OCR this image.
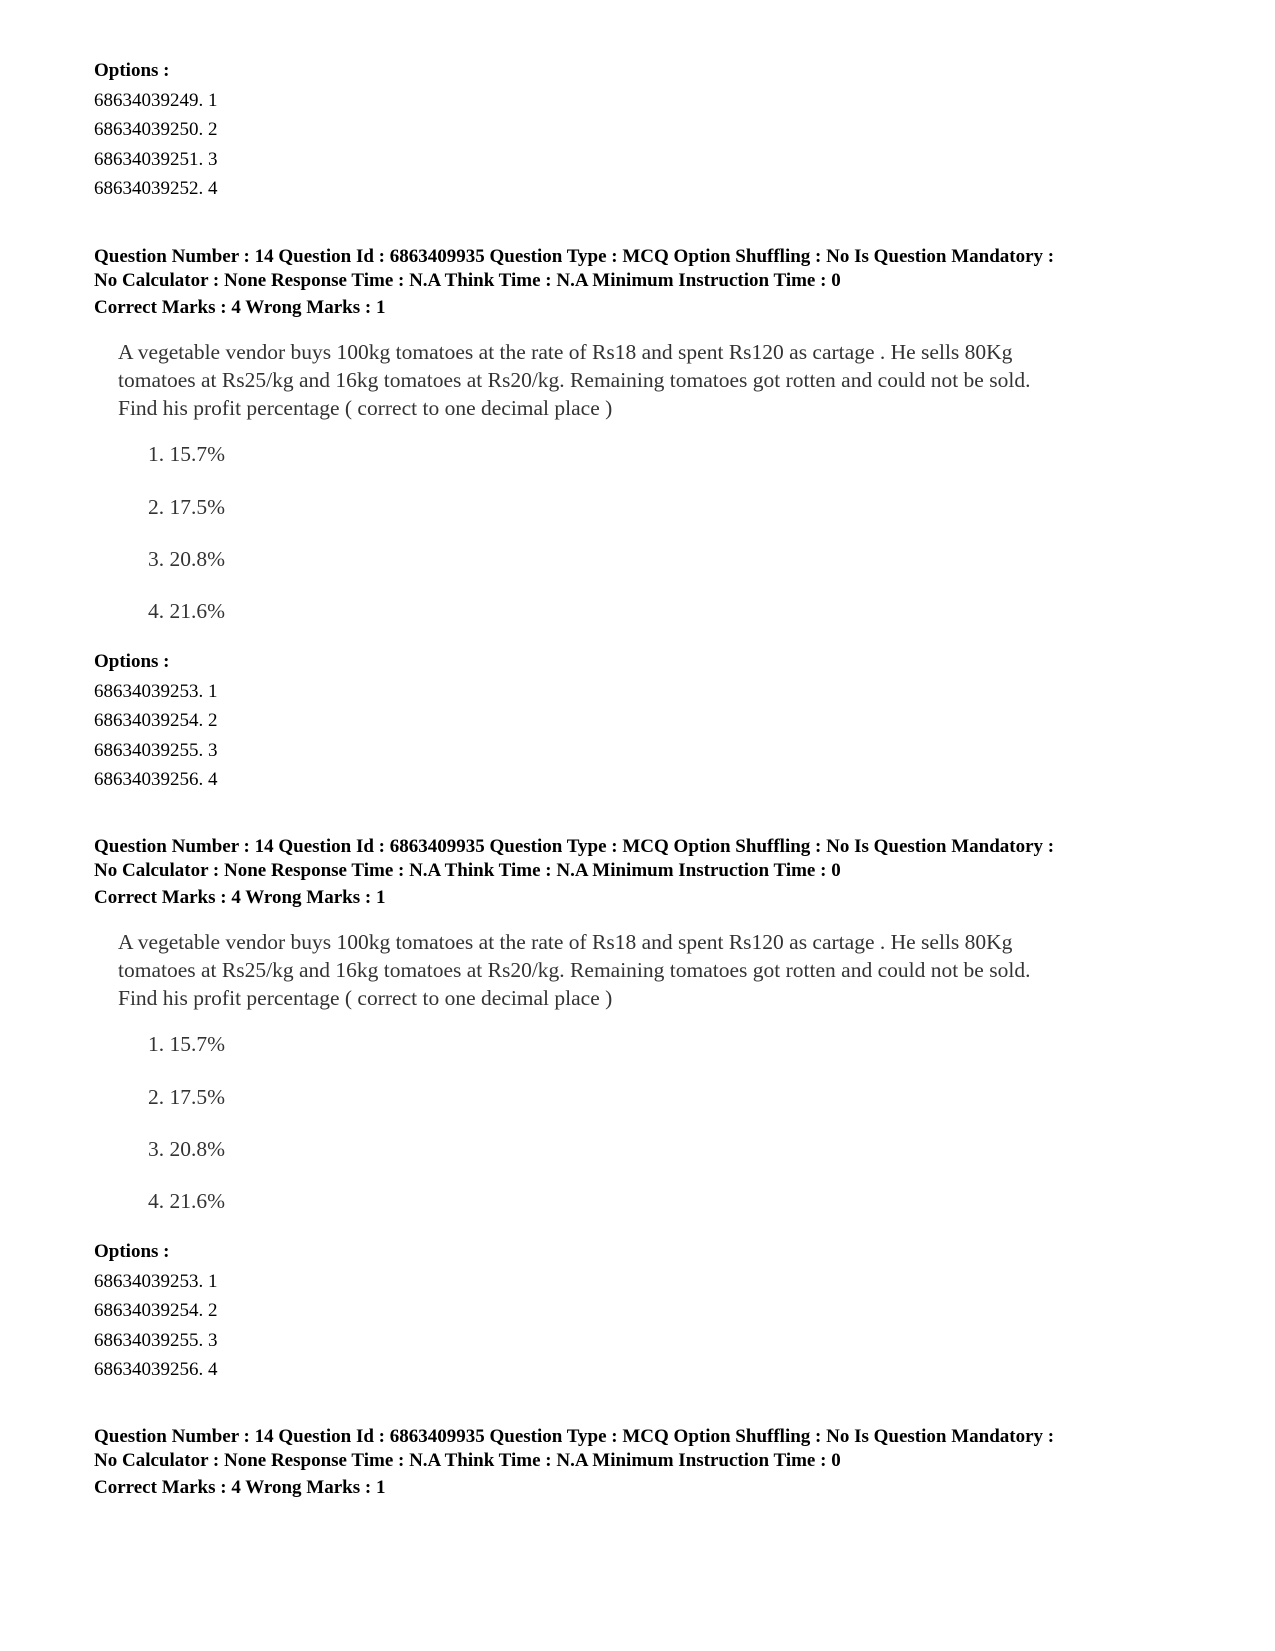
Options :
68634039249. 1
68634039250. 2
68634039251. 3
68634039252. 4
Question Number : 14 Question Id : 6863409935 Question Type : MCQ Option Shuffling : No Is Question Mandatory :
No Calculator : None Response Time : N.A Think Time : N.A Minimum Instruction Time : 0
Correct Marks : 4 Wrong Marks : 1
A vegetable vendor buys 100kg tomatoes at the rate of Rs18 and spent Rs120 as cartage . He sells 80Kg
tomatoes at Rs25/kg and 16kg tomatoes at Rs20/kg. Remaining tomatoes got rotten and could not be sold.
Find his profit percentage ( correct to one decimal place )
1. 15.7%
2. 17.5%
3. 20.8%
4. 21.6%
Options :
68634039253. 1
68634039254. 2
68634039255. 3
68634039256. 4
Question Number : 14 Question Id : 6863409935 Question Type : MCQ Option Shuffling : No Is Question Mandatory :
No Calculator : None Response Time : N.A Think Time : N.A Minimum Instruction Time : 0
Correct Marks : 4 Wrong Marks : 1
A vegetable vendor buys 100kg tomatoes at the rate of Rs18 and spent Rs120 as cartage . He sells 80Kg
tomatoes at Rs25/kg and 16kg tomatoes at Rs20/kg. Remaining tomatoes got rotten and could not be sold.
Find his profit percentage ( correct to one decimal place )
1. 15.7%
2. 17.5%
3. 20.8%
4. 21.6%
Options :
68634039253. 1
68634039254. 2
68634039255. 3
68634039256. 4
Question Number : 14 Question Id : 6863409935 Question Type : MCQ Option Shuffling : No Is Question Mandatory :
No Calculator : None Response Time : N.A Think Time : N.A Minimum Instruction Time : 0
Correct Marks : 4 Wrong Marks : 1
